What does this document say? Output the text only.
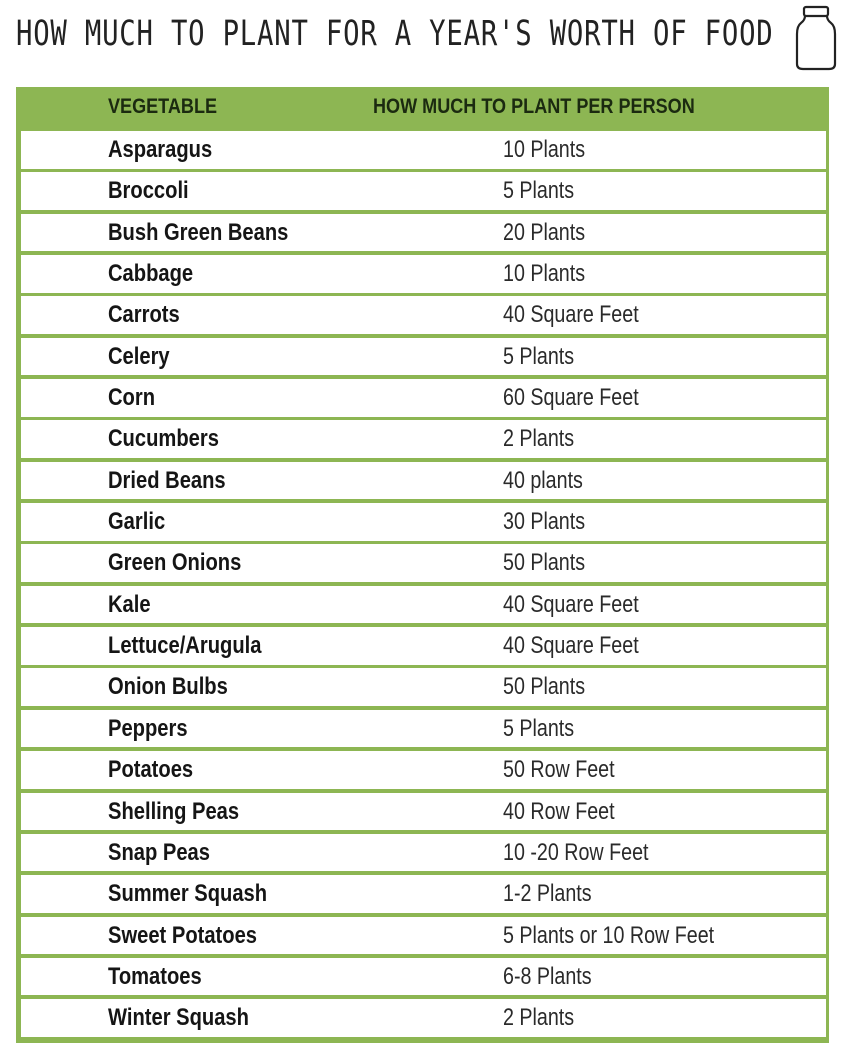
HOW MUCH TO PLANT FOR A YEAR'S WORTH OF FOOD
VEGETABLE	HOW MUCH TO PLANT PER PERSON
Asparagus	10 Plants
Broccoli	5 Plants
Bush Green Beans	20 Plants
Cabbage	10 Plants
Carrots	40 Square Feet
Celery	5 Plants
Corn	60 Square Feet
Cucumbers	2 Plants
Dried Beans	40 plants
Garlic	30 Plants
Green Onions	50 Plants
Kale	40 Square Feet
Lettuce/Arugula	40 Square Feet
Onion Bulbs	50 Plants
Peppers	5 Plants
Potatoes	50 Row Feet
Shelling Peas	40 Row Feet
Snap Peas	10 -20 Row Feet
Summer Squash	1-2 Plants
Sweet Potatoes	5 Plants or 10 Row Feet
Tomatoes	6-8 Plants
Winter Squash	2 Plants
